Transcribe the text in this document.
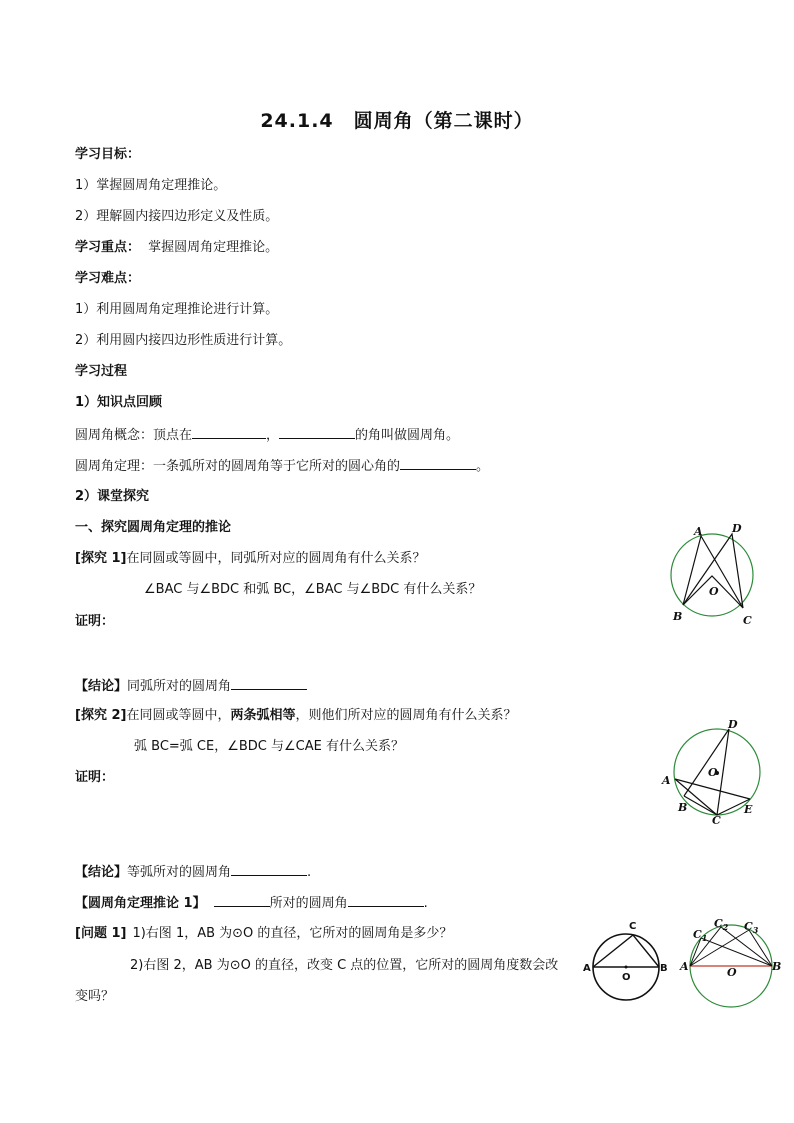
24.1.4　圆周角（第二课时）
学习目标：
1）掌握圆周角定理推论。
2）理解圆内接四边形定义及性质。
学习重点： 掌握圆周角定理推论。
学习难点：
1）利用圆周角定理推论进行计算。
2）利用圆内接四边形性质进行计算。
学习过程
1）知识点回顾
圆周角概念：顶点在	，	的角叫做圆周角。
圆周角定理：一条弧所对的圆周角等于它所对的圆心角的	。
2）课堂探究
一、探究圆周角定理的推论
[探究 1]在同圆或等圆中，同弧所对应的圆周角有什么关系？
∠BAC 与∠BDC 和弧 BC，∠BAC 与∠BDC 有什么关系？
证明：
【结论】同弧所对的圆周角
[探究 2]在同圆或等圆中，两条弧相等，则他们所对应的圆周角有什么关系？
弧 BC=弧 CE，∠BDC 与∠CAE 有什么关系？
证明：
【结论】等弧所对的圆周角	.
【圆周角定理推论 1】	所对的圆周角	.
[问题 1] 1)右图 1，AB 为⊙O 的直径，它所对的圆周角是多少？
2)右图 2，AB 为⊙O 的直径，改变 C 点的位置，它所对的圆周角度数会改
变吗？
A	D
O
B	C
D
O
A
B
C
E
C
A
O
B
$C_1$
$C_2$ $C_3$
A	O	B
